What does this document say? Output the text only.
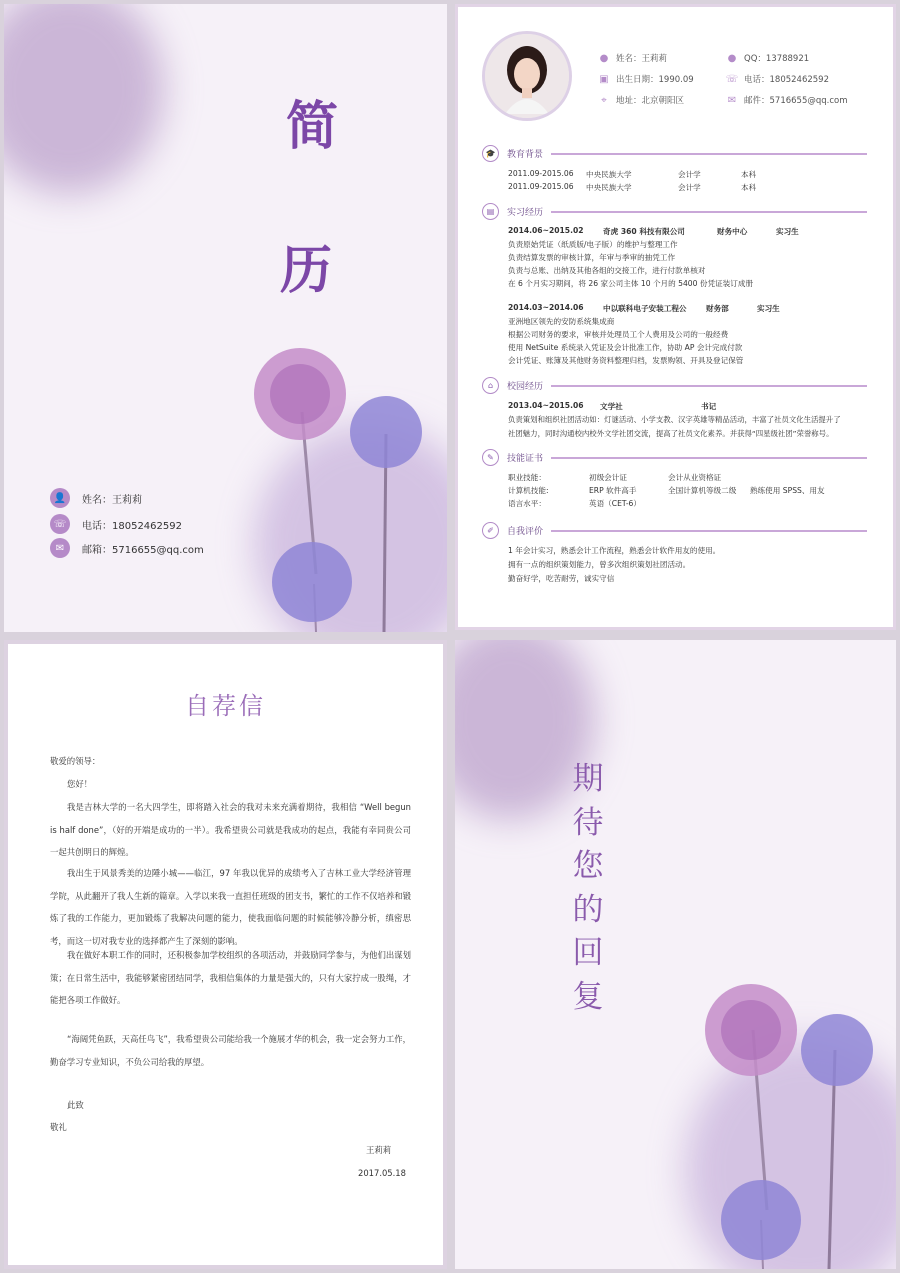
简
历
👤	姓名：王莉莉
☏	电话：18052462592
✉	邮箱：5716655@qq.com
● 姓名：王莉莉
▣ 出生日期：1990.09
⌖	地址：北京朝阳区
● QQ：13788921
☏ 电话：18052462592
✉ 邮件：5716655@qq.com
🎓	教育背景
2011.09-2015.06 中央民族大学	会计学	本科
2011.09-2015.06 中央民族大学	会计学	本科
▤	实习经历
2014.06~2015.02	奇虎 360 科技有限公司	财务中心	实习生
负责原始凭证（纸质版/电子版）的维护与整理工作
负责结算发票的审核计算，年审与季审的抽凭工作
负责与总账、出纳及其他各组的交接工作，进行付款单核对
在 6 个月实习期间，将 26 家公司主体 10 个月的 5400 份凭证装订成册
2014.03~2014.06	中以联科电子安装工程公	财务部	实习生
亚洲地区领先的安防系统集成商
根据公司财务的要求，审核并处理员工个人费用及公司的一般经费
使用 NetSuite 系统录入凭证及会计批准工作，协助 AP 会计完成付款
会计凭证、账簿及其他财务资料整理归档，发票购领、开具及登记保管
⌂	校园经历
2013.04~2015.06 文学社	书记
负责策划和组织社团活动如：灯谜活动、小学支教、汉字英雄等精品活动，丰富了社员文化生活提升了
社团魅力，同时沟通校内校外文学社团交流，提高了社员文化素养。并获得“四星级社团”荣誉称号。
✎	技能证书
职业技能：	初级会计证	会计从业资格证
计算机技能:	ERP 软件高手	全国计算机等级二级 熟练使用 SPSS、用友
语言水平：	英语（CET-6）
✐	自我评价
1 年会计实习，熟悉会计工作流程，熟悉会计软件用友的使用。
拥有一点的组织策划能力，曾多次组织策划社团活动。
勤奋好学，吃苦耐劳，诚实守信
自荐信
敬爱的领导：
您好！
我是吉林大学的一名大四学生，即将踏入社会的我对未来充满着期待，我相信 “Well begun is half done”，（好的开端是成功的一半）。我希望贵公司就是我成功的起点，我能有幸同贵公司一起共创明日的辉煌。
我出生于风景秀美的边陲小城——临江，97 年我以优异的成绩考入了吉林工业大学经济管理学院，从此翻开了我人生新的篇章。入学以来我一直担任班级的团支书，繁忙的工作不仅培养和锻炼了我的工作能力，更加锻炼了我解决问题的能力，使我面临问题的时候能够冷静分析，缜密思考，而这一切对我专业的选择都产生了深刻的影响。
我在做好本职工作的同时，还积极参加学校组织的各项活动，并鼓励同学参与，为他们出谋划策；在日常生活中，我能够紧密团结同学，我相信集体的力量是强大的，只有大家拧成一股绳，才能把各项工作做好。
“海阔凭鱼跃，天高任鸟飞”，我希望贵公司能给我一个施展才华的机会，我一定会努力工作，勤奋学习专业知识，不负公司给我的厚望。
此致
敬礼
王莉莉
2017.05.18
期
待
您
的
回
复
